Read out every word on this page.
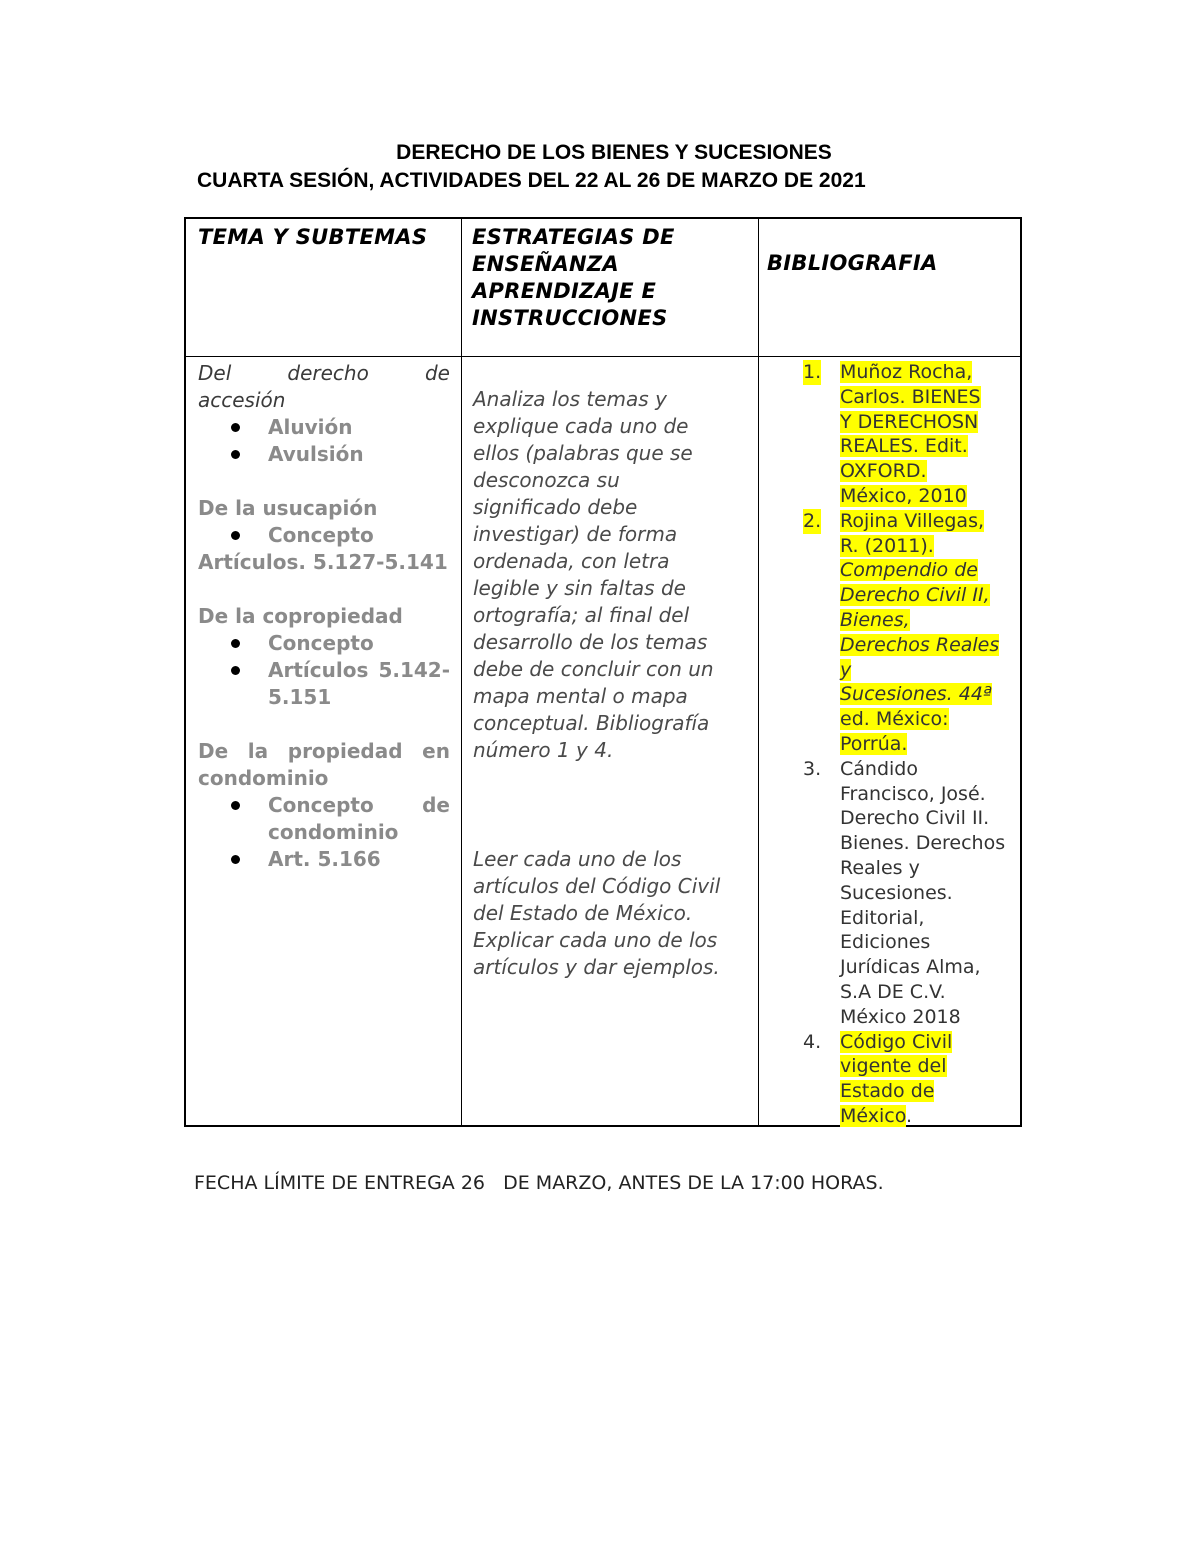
DERECHO DE LOS BIENES Y SUCESIONES
CUARTA SESIÓN, ACTIVIDADES DEL 22 AL 26 DE MARZO DE 2021
TEMA Y SUBTEMAS ESTRATEGIAS DE
ENSEÑANZA
APRENDIZAJE E
INSTRUCCIONES
BIBLIOGRAFIA
Del	derecho	de
accesión
Aluvión
Avulsión
De la usucapión
Concepto
Artículos. 5.127-5.141
De la copropiedad
Concepto
Artículos 5.142-
5.151
De la propiedad en
condominio
Concepto de
condominio
Art. 5.166
Analiza los temas y
explique cada uno de
ellos (palabras que se
desconozca su
significado debe
investigar) de forma
ordenada, con letra
legible y sin faltas de
ortografía; al final del
desarrollo de los temas
debe de concluir con un
mapa mental o mapa
conceptual. Bibliografía
número 1 y 4.
Leer cada uno de los
artículos del Código Civil
del Estado de México.
Explicar cada uno de los
artículos y dar ejemplos.
1. Muñoz Rocha,
Carlos. BIENES
Y DERECHOSN
REALES. Edit.
OXFORD.
México, 2010
2. Rojina Villegas,
R. (2011).
Compendio de
Derecho Civil II,
Bienes,
Derechos Reales
y
Sucesiones. 44ª
ed. México:
Porrúa.
3. Cándido
Francisco, José.
Derecho Civil II.
Bienes. Derechos
Reales y
Sucesiones.
Editorial,
Ediciones
Jurídicas Alma,
S.A DE C.V.
México 2018
4. Código Civil
vigente del
Estado de
México.
FECHA LÍMITE DE ENTREGA 26   DE MARZO, ANTES DE LA 17:00 HORAS.
